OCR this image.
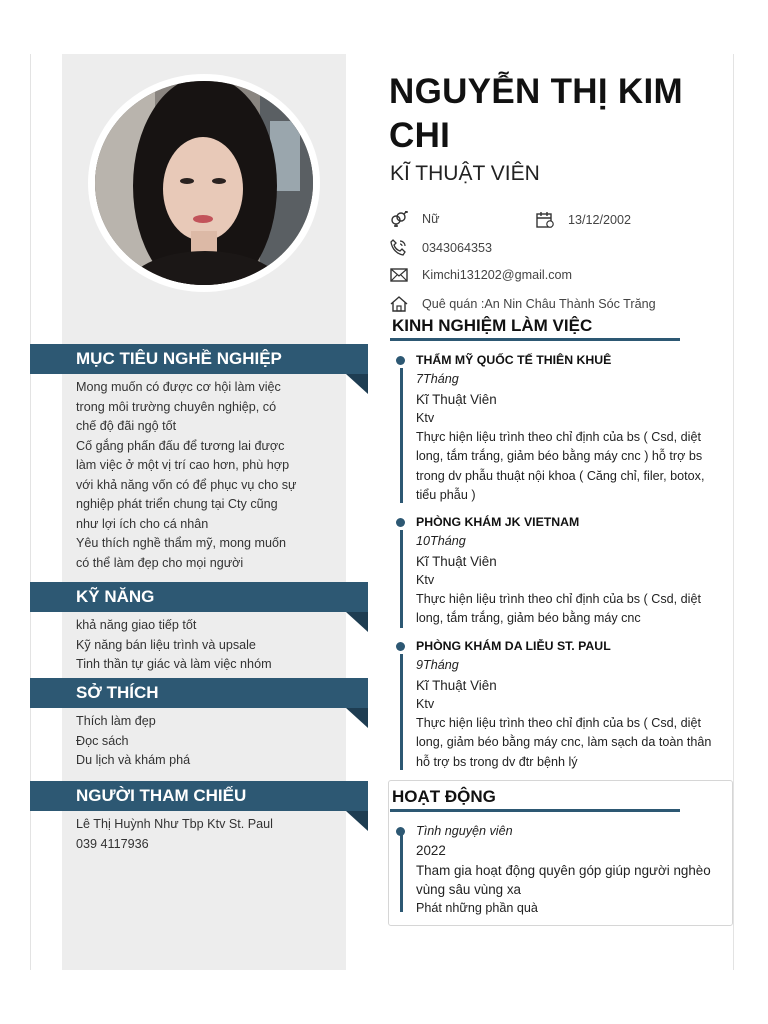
NGUYỄN THỊ KIM
CHI
KĨ THUẬT VIÊN
Nữ	13/12/2002
0343064353
Kimchi131202@gmail.com
Quê quán :An Nin Châu Thành Sóc Trăng
MỤC TIÊU NGHỀ NGHIỆP
Mong muốn có được cơ hội làm việc
trong môi trường chuyên nghiệp, có
chế độ đãi ngộ tốt
Cố gắng phấn đấu để tương lai được
làm việc ở một vị trí cao hơn, phù hợp
với khả năng vốn có để phục vụ cho sự
nghiệp phát triển chung tại Cty cũng
như lợi ích cho cá nhân
Yêu thích nghề thẩm mỹ, mong muốn
có thể làm đẹp cho mọi người
KỸ NĂNG
khả năng giao tiếp tốt
Kỹ năng bán liệu trình và upsale
Tinh thần tự giác và làm việc nhóm
SỞ THÍCH
Thích làm đẹp
Đọc sách
Du lịch và khám phá
NGƯỜI THAM CHIẾU
Lê Thị Huỳnh Như Tbp Ktv St. Paul
039 4117936
KINH NGHIỆM LÀM VIỆC
THẨM MỸ QUỐC TẾ THIÊN KHUÊ
7Tháng
Kĩ Thuật Viên
Ktv
Thực hiện liệu trình theo chỉ định của bs ( Csd, diệt
long, tắm trắng, giảm béo bằng máy cnc ) hỗ trợ bs
trong dv phẫu thuật nội khoa ( Căng chỉ, filer, botox,
tiểu phẫu )
PHÒNG KHÁM JK VIETNAM
10Tháng
Kĩ Thuật Viên
Ktv
Thực hiện liệu trình theo chỉ định của bs ( Csd, diệt
long, tắm trắng, giảm béo bằng máy cnc
PHÒNG KHÁM DA LIỄU ST. PAUL
9Tháng
Kĩ Thuật Viên
Ktv
Thực hiện liệu trình theo chỉ định của bs ( Csd, diệt
long, giảm béo bằng máy cnc, làm sạch da toàn thân
hỗ trợ bs trong dv đtr bệnh lý
HOẠT ĐỘNG
Tình nguyện viên
2022
Tham gia hoạt động quyên góp giúp người nghèo
vùng sâu vùng xa
Phát những phần quà
